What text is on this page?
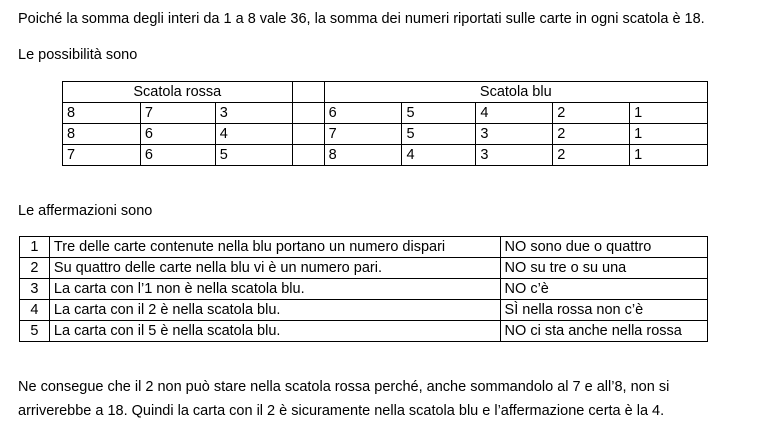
Poiché la somma degli interi da 1 a 8 vale 36, la somma dei numeri riportati sulle carte in ogni scatola è 18.
Le possibilità sono
Scatola rossa				Scatola blu				
8	7	3		6	5	4	2	1
8	6	4		7	5	3	2	1
7	6	5		8	4	3	2	1
Le affermazioni sono
1	Tre delle carte contenute nella blu portano un numero dispari	NO sono due o quattro
2	Su quattro delle carte nella blu vi è un numero pari.	NO su tre o su una
3	La carta con l’1 non è nella scatola blu.	NO c’è
4	La carta con il 2 è nella scatola blu.	SÌ nella rossa non c’è
5	La carta con il 5 è nella scatola blu.	NO ci sta anche nella rossa
Ne consegue che il 2 non può stare nella scatola rossa perché, anche sommandolo al 7 e all’8, non si
arriverebbe a 18. Quindi la carta con il 2 è sicuramente nella scatola blu e l’affermazione certa è la 4.
